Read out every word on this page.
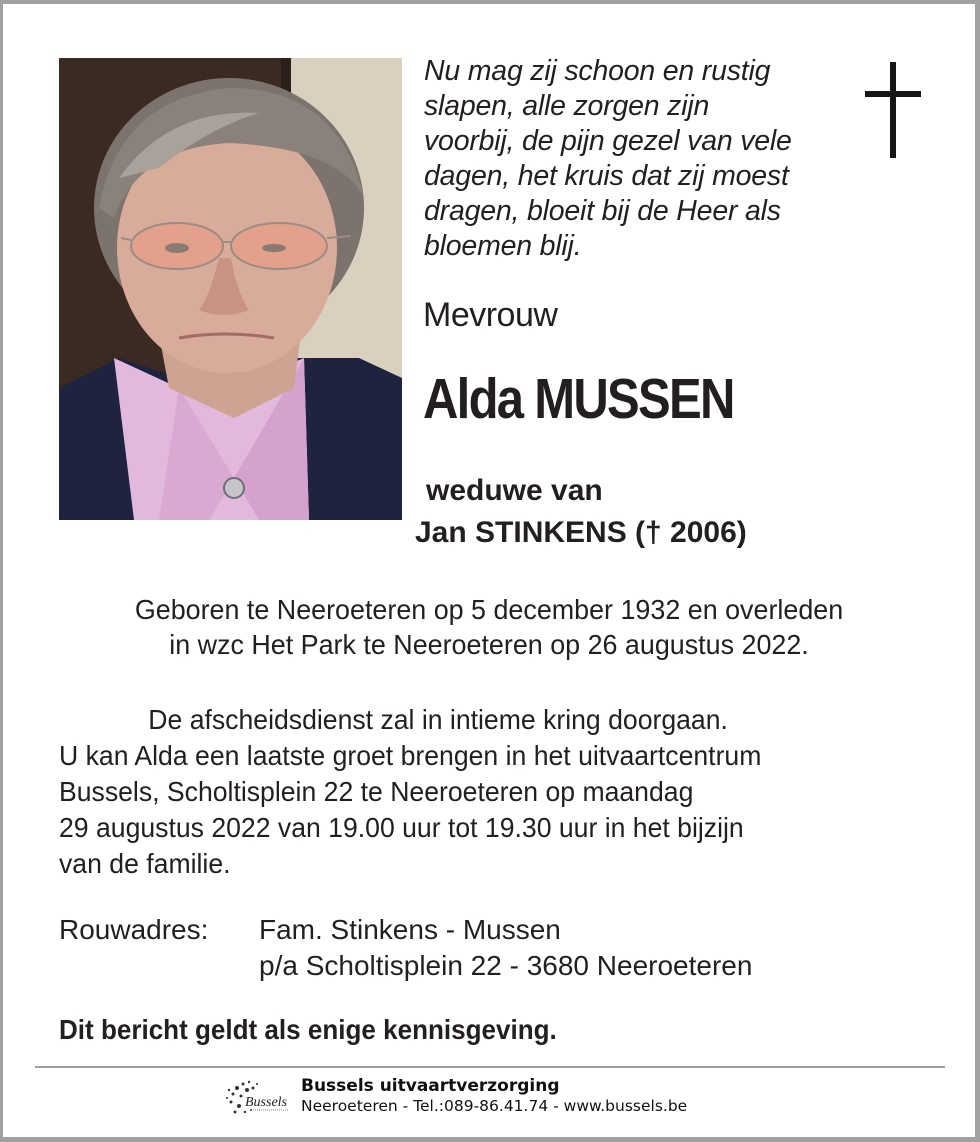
Nu mag zij schoon en rustig
slapen, alle zorgen zijn
voorbij, de pijn gezel van vele
dagen, het kruis dat zij moest
dragen, bloeit bij de Heer als
bloemen blij.
Mevrouw
Alda MUSSEN
weduwe van
Jan STINKENS († 2006)
Geboren te Neeroeteren op 5 december 1932 en overleden
in wzc Het Park te Neeroeteren op 26 augustus 2022.
De afscheidsdienst zal in intieme kring doorgaan.
U kan Alda een laatste groet brengen in het uitvaartcentrum
Bussels, Scholtisplein 22 te Neeroeteren op maandag
29 augustus 2022 van 19.00 uur tot 19.30 uur in het bijzijn
van de familie.
Rouwadres: Fam. Stinkens - Mussen
p/a Scholtisplein 22 - 3680 Neeroeteren
Dit bericht geldt als enige kennisgeving.
Bussels
Bussels uitvaartverzorging
Neeroeteren - Tel.:089-86.41.74 - www.bussels.be
